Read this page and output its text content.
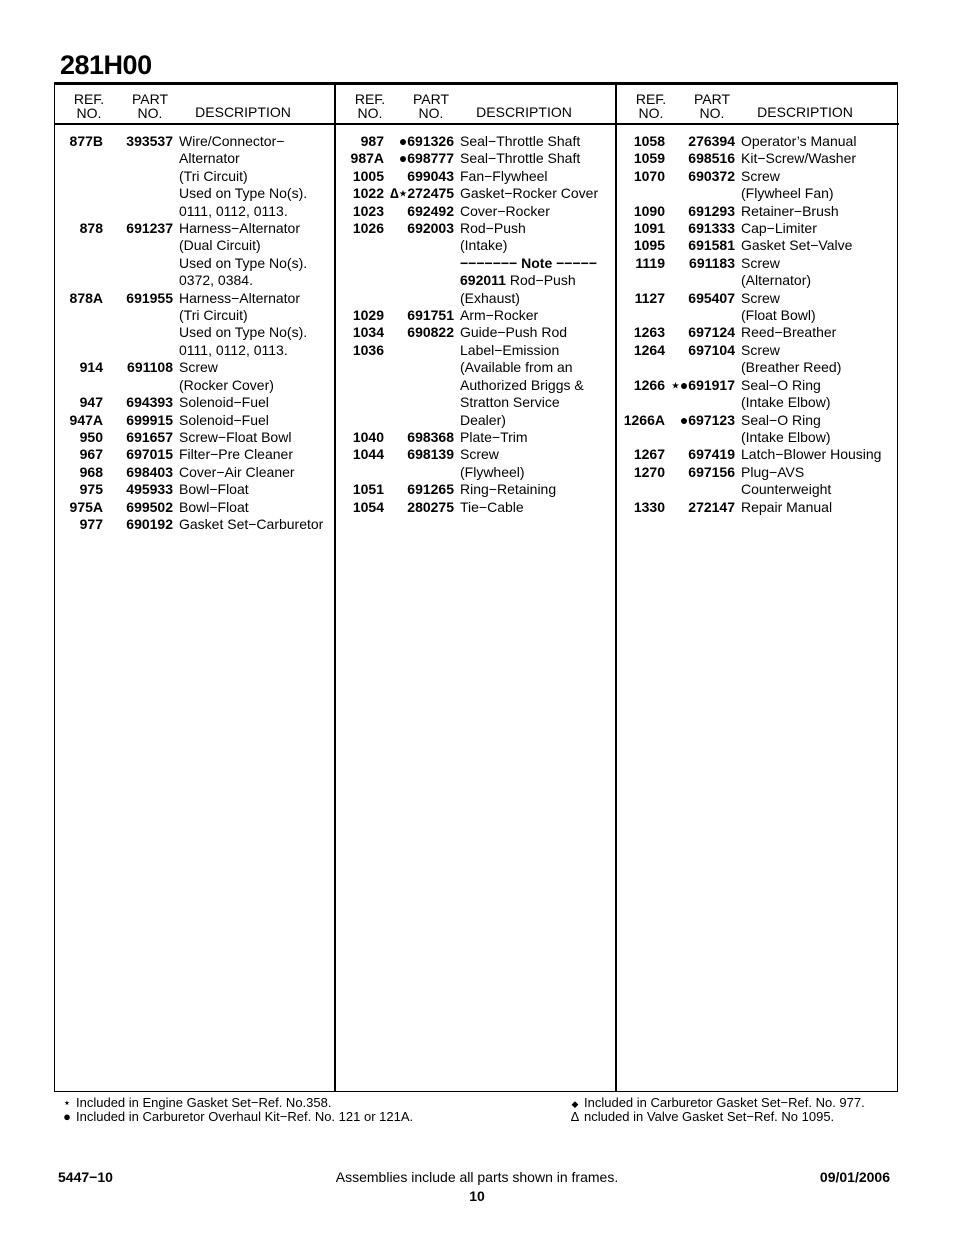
281H00
REF.
NO.
PART
NO.	DESCRIPTION
877B	393537 Wire/Connector−
Alternator
(Tri Circuit)
Used on Type No(s).
0111, 0112, 0113.
878	691237 Harness−Alternator
(Dual Circuit)
Used on Type No(s).
0372, 0384.
878A	691955 Harness−Alternator
(Tri Circuit)
Used on Type No(s).
0111, 0112, 0113.
914	691108 Screw
(Rocker Cover)
947	694393 Solenoid−Fuel
947A	699915 Solenoid−Fuel
950	691657 Screw−Float Bowl
967	697015 Filter−Pre Cleaner
968	698403 Cover−Air Cleaner
975	495933 Bowl−Float
975A	699502 Bowl−Float
977	690192 Gasket Set−Carburetor
REF.
NO.
PART
NO.	DESCRIPTION
987	●691326 Seal−Throttle Shaft
987A	●698777 Seal−Throttle Shaft
1005	699043 Fan−Flywheel
1022 ∆⋆272475 Gasket−Rocker Cover
1023	692492 Cover−Rocker
1026	692003 Rod−Push
(Intake)
−−−−−−− Note −−−−−
692011 Rod−Push
(Exhaust)
1029	691751 Arm−Rocker
1034	690822 Guide−Push Rod
1036	Label−Emission
(Available from an
Authorized Briggs &
Stratton Service
Dealer)
1040	698368 Plate−Trim
1044	698139 Screw
(Flywheel)
1051	691265 Ring−Retaining
1054	280275 Tie−Cable
REF.
NO.
PART
NO.	DESCRIPTION
1058	276394 Operator’s Manual
1059	698516 Kit−Screw/Washer
1070	690372 Screw
(Flywheel Fan)
1090	691293 Retainer−Brush
1091	691333 Cap−Limiter
1095	691581 Gasket Set−Valve
1119	691183 Screw
(Alternator)
1127	695407 Screw
(Float Bowl)
1263	697124 Reed−Breather
1264	697104 Screw
(Breather Reed)
1266 ⋆●691917 Seal−O Ring
(Intake Elbow)
1266A	●697123 Seal−O Ring
(Intake Elbow)
1267	697419 Latch−Blower Housing
1270	697156 Plug−AVS
Counterweight
1330	272147 Repair Manual
⋆ Included in Engine Gasket Set−Ref. No.358.
● Included in Carburetor Overhaul Kit−Ref. No. 121 or 121A.
◆ Included in Carburetor Gasket Set−Ref. No. 977.
∆ ncluded in Valve Gasket Set−Ref. No 1095.
5447−10	Assemblies include all parts shown in frames.
10
09/01/2006
